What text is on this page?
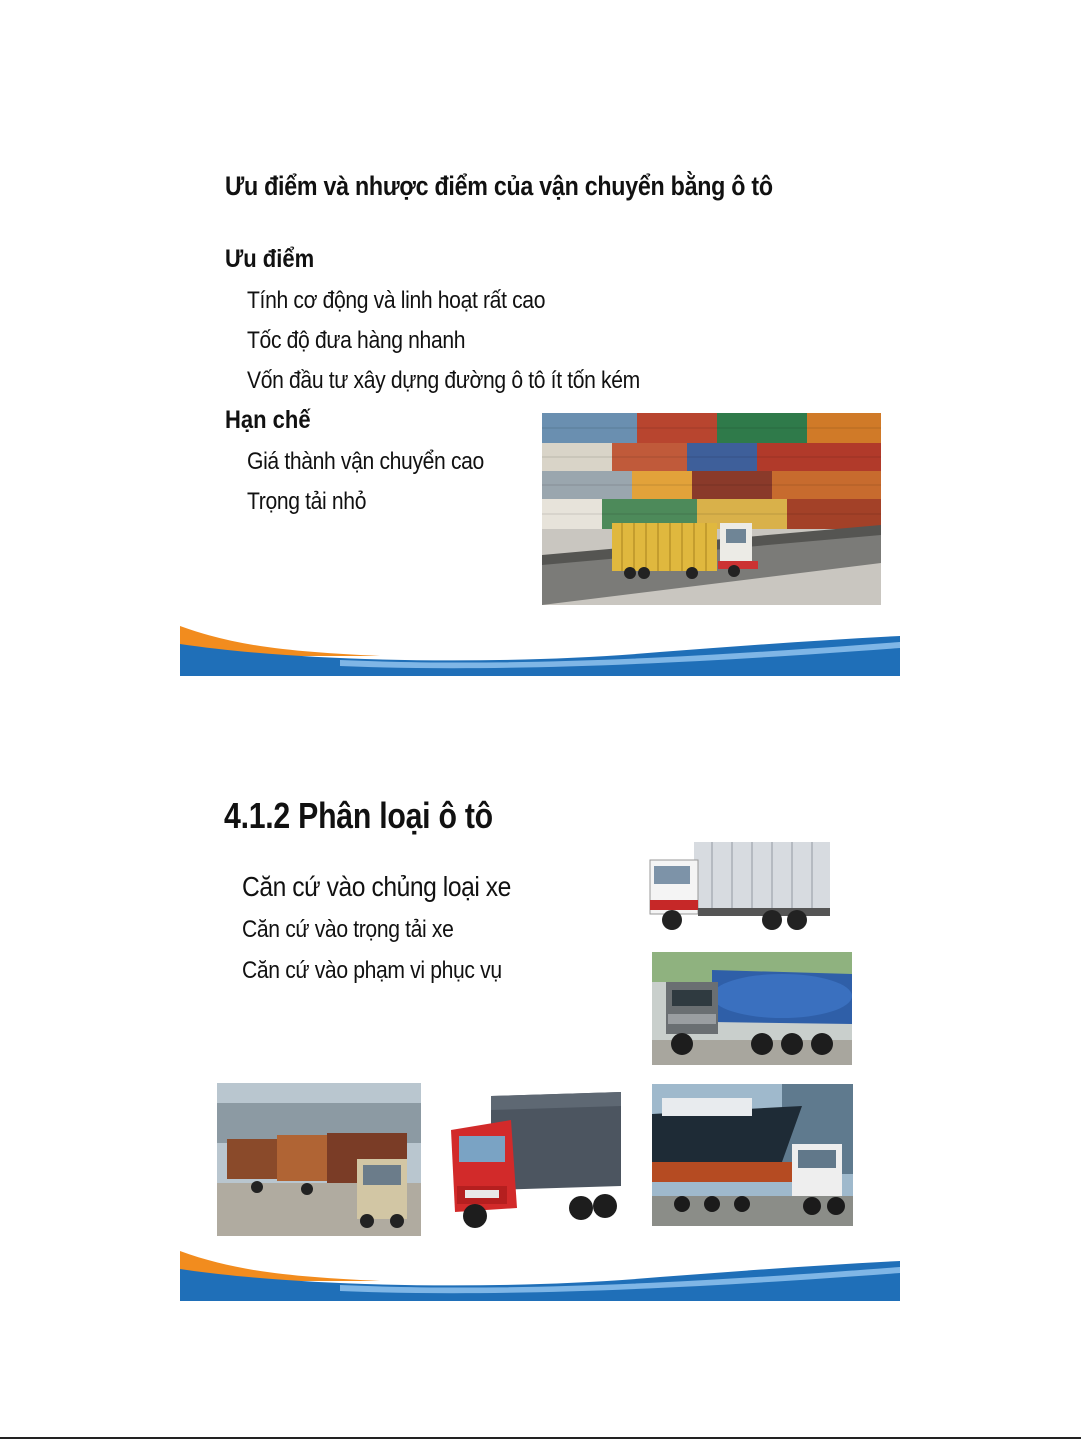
Ưu điểm và nhược điểm của vận chuyển bằng ô tô
Ưu điểm
Tính cơ động và linh hoạt rất cao
Tốc độ đưa hàng nhanh
Vốn đầu tư xây dựng đường ô tô ít tốn kém
Hạn chế
Giá thành vận chuyển cao
Trọng tải nhỏ
4.1.2 Phân loại ô tô
Căn cứ vào chủng loại xe
Căn cứ vào trọng tải xe
Căn cứ vào phạm vi phục vụ
